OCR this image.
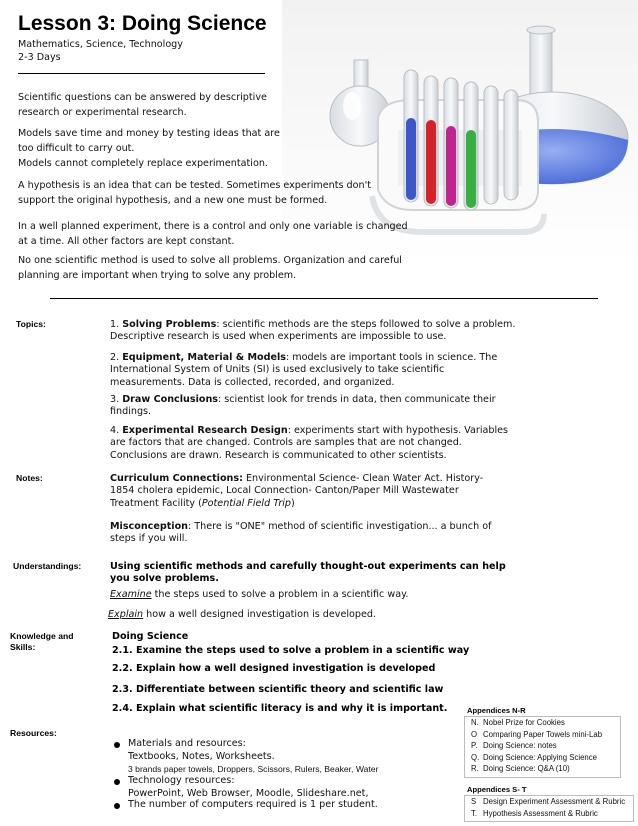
Lesson 3: Doing Science
Mathematics, Science, Technology
2-3 Days
Scientific questions can be answered by descriptive research or experimental research.
Models save time and money by testing ideas that are too difficult to carry out.
Models cannot completely replace experimentation.
A hypothesis is an idea that can be tested. Sometimes experiments don't support the original hypothesis, and a new one must be formed.
In a well planned experiment, there is a control and only one variable is changed at a time. All other factors are kept constant.
No one scientific method is used to solve all problems. Organization and careful planning are important when trying to solve any problem.
Topics:	1. Solving Problems: scientific methods are the steps followed to solve a problem. Descriptive research is used when experiments are impossible to use.
2. Equipment, Material & Models: models are important tools in science. The International System of Units (SI) is used exclusively to take scientific measurements. Data is collected, recorded, and organized.
3. Draw Conclusions: scientist look for trends in data, then communicate their findings.
4. Experimental Research Design: experiments start with hypothesis. Variables are factors that are changed. Controls are samples that are not changed. Conclusions are drawn. Research is communicated to other scientists.
Notes:	Curriculum Connections: Environmental Science- Clean Water Act. History- 1854 cholera epidemic, Local Connection- Canton/Paper Mill Wastewater Treatment Facility (Potential Field Trip)
Misconception: There is "ONE" method of scientific investigation... a bunch of steps if you will.
Understandings:	Using scientific methods and carefully thought-out experiments can help you solve problems.
Examine the steps used to solve a problem in a scientific way.
Explain how a well designed investigation is developed.
Knowledge and
Skills:
Doing Science
2.1. Examine the steps used to solve a problem in a scientific way
2.2. Explain how a well designed investigation is developed
2.3. Differentiate between scientific theory and scientific law
2.4. Explain what scientific literacy is and why it is important.
Resources:
Materials and resources:
Textbooks, Notes, Worksheets.
3 brands paper towels, Droppers, Scissors, Rulers, Beaker, Water
Technology resources:
PowerPoint, Web Browser, Moodle, Slideshare.net,
The number of computers required is 1 per student.
Appendices N-R
N. Nobel Prize for Cookies
O Comparing Paper Towels mini-Lab
P. Doing Science: notes
Q. Doing Science: Applying Science
R. Doing Science: Q&A (10)
Appendices S- T
S Design Experiment Assessment & Rubric
T. Hypothesis Assessment & Rubric
